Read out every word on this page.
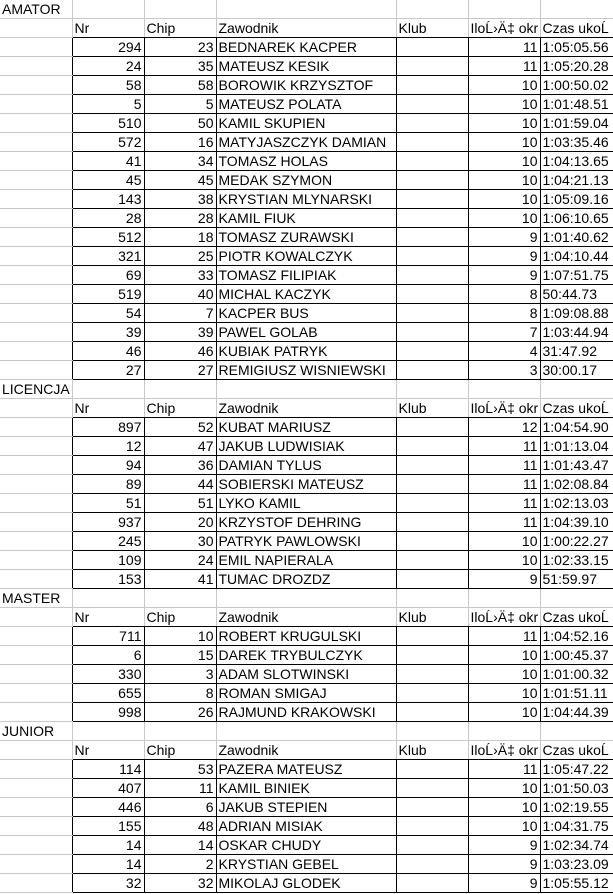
AMATOR						
	Nr	Chip	Zawodnik	Klub	IloĹ›Ä‡ okr	Czas ukoĹ
	294	23	BEDNAREK KACPER		11	1:05:05.56
	24	35	MATEUSZ KESIK		11	1:05:20.28
	58	58	BOROWIK KRZYSZTOF		10	1:00:50.02
	5	5	MATEUSZ POLATA		10	1:01:48.51
	510	50	KAMIL SKUPIEN		10	1:01:59.04
	572	16	MATYJASZCZYK DAMIAN		10	1:03:35.46
	41	34	TOMASZ HOLAS		10	1:04:13.65
	45	45	MEDAK SZYMON		10	1:04:21.13
	143	38	KRYSTIAN MLYNARSKI		10	1:05:09.16
	28	28	KAMIL FIUK		10	1:06:10.65
	512	18	TOMASZ ZURAWSKI		9	1:01:40.62
	321	25	PIOTR KOWALCZYK		9	1:04:10.44
	69	33	TOMASZ FILIPIAK		9	1:07:51.75
	519	40	MICHAL KACZYK		8	50:44.73
	54	7	KACPER BUS		8	1:09:08.88
	39	39	PAWEL GOLAB		7	1:03:44.94
	46	46	KUBIAK PATRYK		4	31:47.92
	27	27	REMIGIUSZ WISNIEWSKI		3	30:00.17
LICENCJA						
	Nr	Chip	Zawodnik	Klub	IloĹ›Ä‡ okr	Czas ukoĹ
	897	52	KUBAT MARIUSZ		12	1:04:54.90
	12	47	JAKUB LUDWISIAK		11	1:01:13.04
	94	36	DAMIAN TYLUS		11	1:01:43.47
	89	44	SOBIERSKI MATEUSZ		11	1:02:08.84
	51	51	LYKO KAMIL		11	1:02:13.03
	937	20	KRZYSTOF DEHRING		11	1:04:39.10
	245	30	PATRYK PAWLOWSKI		10	1:00:22.27
	109	24	EMIL NAPIERALA		10	1:02:33.15
	153	41	TUMAC DROZDZ		9	51:59.97
MASTER						
	Nr	Chip	Zawodnik	Klub	IloĹ›Ä‡ okr	Czas ukoĹ
	711	10	ROBERT KRUGULSKI		11	1:04:52.16
	6	15	DAREK TRYBULCZYK		10	1:00:45.37
	330	3	ADAM SLOTWINSKI		10	1:01:00.32
	655	8	ROMAN SMIGAJ		10	1:01:51.11
	998	26	RAJMUND KRAKOWSKI		10	1:04:44.39
JUNIOR						
	Nr	Chip	Zawodnik	Klub	IloĹ›Ä‡ okr	Czas ukoĹ
	114	53	PAZERA MATEUSZ		11	1:05:47.22
	407	11	KAMIL BINIEK		10	1:01:50.03
	446	6	JAKUB STEPIEN		10	1:02:19.55
	155	48	ADRIAN MISIAK		10	1:04:31.75
	14	14	OSKAR CHUDY		9	1:02:34.74
	14	2	KRYSTIAN GEBEL		9	1:03:23.09
	32	32	MIKOLAJ GLODEK		9	1:05:55.12
